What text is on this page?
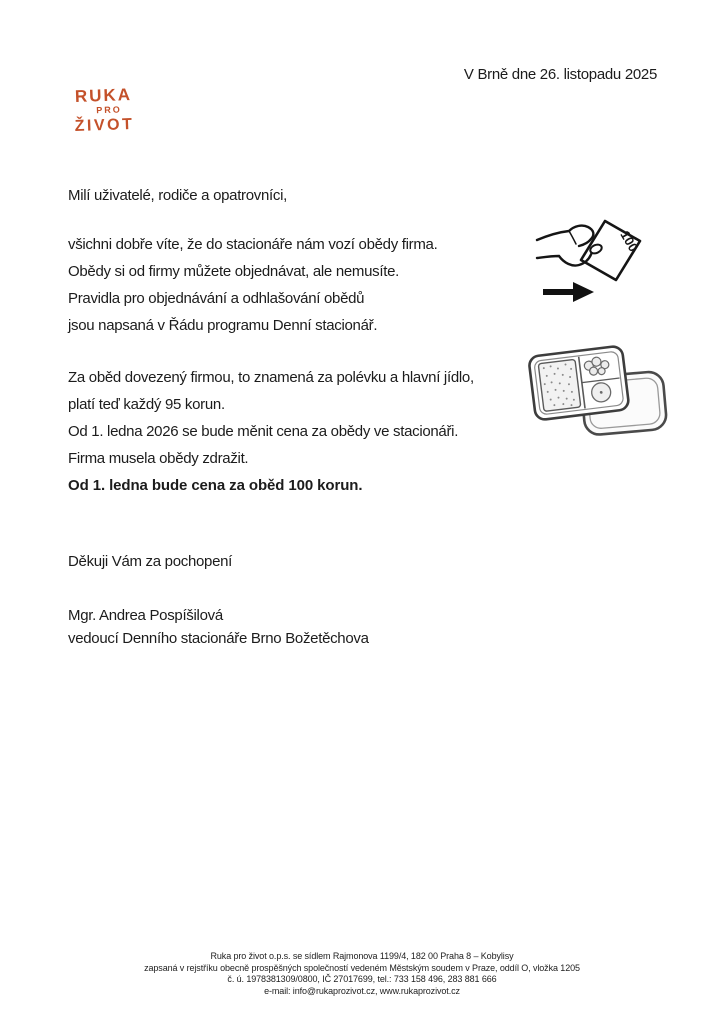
RUKA
PRO
ŽIVOT
V Brně dne 26. listopadu 2025
Milí uživatelé, rodiče a opatrovníci,
všichni dobře víte, že do stacionáře nám vozí obědy firma.
Obědy si od firmy můžete objednávat, ale nemusíte.
Pravidla pro objednávání a odhlašování obědů
jsou napsaná v Řádu programu Denní stacionář.
Za oběd dovezený firmou, to znamená za polévku a hlavní jídlo,
platí teď každý 95 korun.
Od 1. ledna 2026 se bude měnit cena za obědy ve stacionáři.
Firma musela obědy zdražit.
Od 1. ledna bude cena za oběd 100 korun.
Děkuji Vám za pochopení
Mgr. Andrea Pospíšilová
vedoucí Denního stacionáře Brno Božetěchova
100
Ruka pro život o.p.s. se sídlem Rajmonova 1199/4, 182 00 Praha 8 – Kobylisy
zapsaná v rejstříku obecně prospěšných společností vedeném Městským soudem v Praze, oddíl O, vložka 1205
č. ú. 1978381309/0800, IČ 27017699, tel.: 733 158 496, 283 881 666
e-mail: info@rukaprozivot.cz, www.rukaprozivot.cz
